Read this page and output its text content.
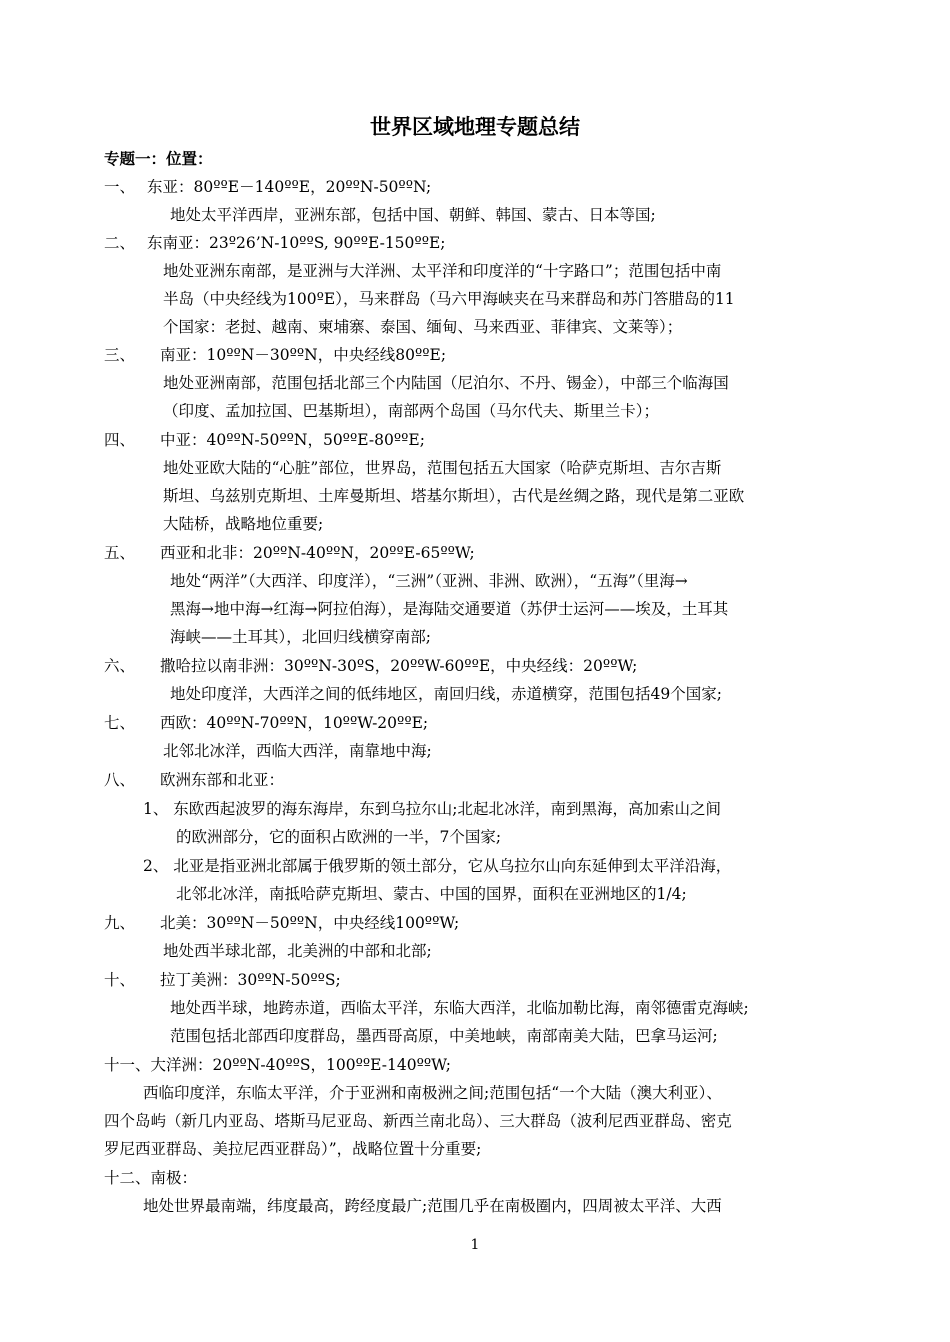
世界区域地理专题总结
专题一：位置：
一、 东亚：80ººE－140ººE，20ººN-50ººN;
地处太平洋西岸，亚洲东部，包括中国、朝鲜、韩国、蒙古、日本等国;
二、 东南亚：23º26’N-10ººS, 90ººE-150ººE;
地处亚洲东南部，是亚洲与大洋洲、太平洋和印度洋的“十字路口”；范围包括中南
半岛（中央经线为100ºE），马来群岛（马六甲海峡夹在马来群岛和苏门答腊岛的11
个国家：老挝、越南、柬埔寨、泰国、缅甸、马来西亚、菲律宾、文莱等）；
三、 南亚：10ººN－30ººN，中央经线80ººE;
地处亚洲南部，范围包括北部三个内陆国（尼泊尔、不丹、锡金），中部三个临海国
（印度、孟加拉国、巴基斯坦），南部两个岛国（马尔代夫、斯里兰卡）；
四、 中亚：40ººN-50ººN，50ººE-80ººE;
地处亚欧大陆的“心脏”部位，世界岛，范围包括五大国家（哈萨克斯坦、吉尔吉斯
斯坦、乌兹别克斯坦、土库曼斯坦、塔基尔斯坦），古代是丝绸之路，现代是第二亚欧
大陆桥，战略地位重要;
五、 西亚和北非：20ººN-40ººN，20ººE-65ººW;
地处“两洋”（大西洋、印度洋），“三洲”（亚洲、非洲、欧洲），“五海”（里海→
黑海→地中海→红海→阿拉伯海），是海陆交通要道（苏伊士运河——埃及，土耳其
海峡——土耳其），北回归线横穿南部;
六、 撒哈拉以南非洲：30ººN-30ºS，20ººW-60ººE，中央经线：20ººW;
地处印度洋，大西洋之间的低纬地区，南回归线，赤道横穿，范围包括49个国家;
七、 西欧：40ººN-70ººN，10ººW-20ººE;
北邻北冰洋，西临大西洋，南靠地中海;
八、 欧洲东部和北亚：
1、 东欧西起波罗的海东海岸，东到乌拉尔山;北起北冰洋，南到黑海，高加索山之间
的欧洲部分，它的面积占欧洲的一半，7个国家;
2、 北亚是指亚洲北部属于俄罗斯的领土部分，它从乌拉尔山向东延伸到太平洋沿海，
北邻北冰洋，南抵哈萨克斯坦、蒙古、中国的国界，面积在亚洲地区的1/4;
九、 北美：30ººN－50ººN，中央经线100ººW;
地处西半球北部，北美洲的中部和北部;
十、 拉丁美洲：30ººN-50ººS;
地处西半球，地跨赤道，西临太平洋，东临大西洋，北临加勒比海，南邻德雷克海峡;
范围包括北部西印度群岛，墨西哥高原，中美地峡，南部南美大陆，巴拿马运河;
十一、大洋洲：20ººN-40ººS，100ººE-140ººW;
西临印度洋，东临太平洋，介于亚洲和南极洲之间;范围包括“一个大陆（澳大利亚）、
四个岛屿（新几内亚岛、塔斯马尼亚岛、新西兰南北岛）、三大群岛（波利尼西亚群岛、密克
罗尼西亚群岛、美拉尼西亚群岛）”，战略位置十分重要;
十二、南极：
地处世界最南端，纬度最高，跨经度最广;范围几乎在南极圈内，四周被太平洋、大西
1
